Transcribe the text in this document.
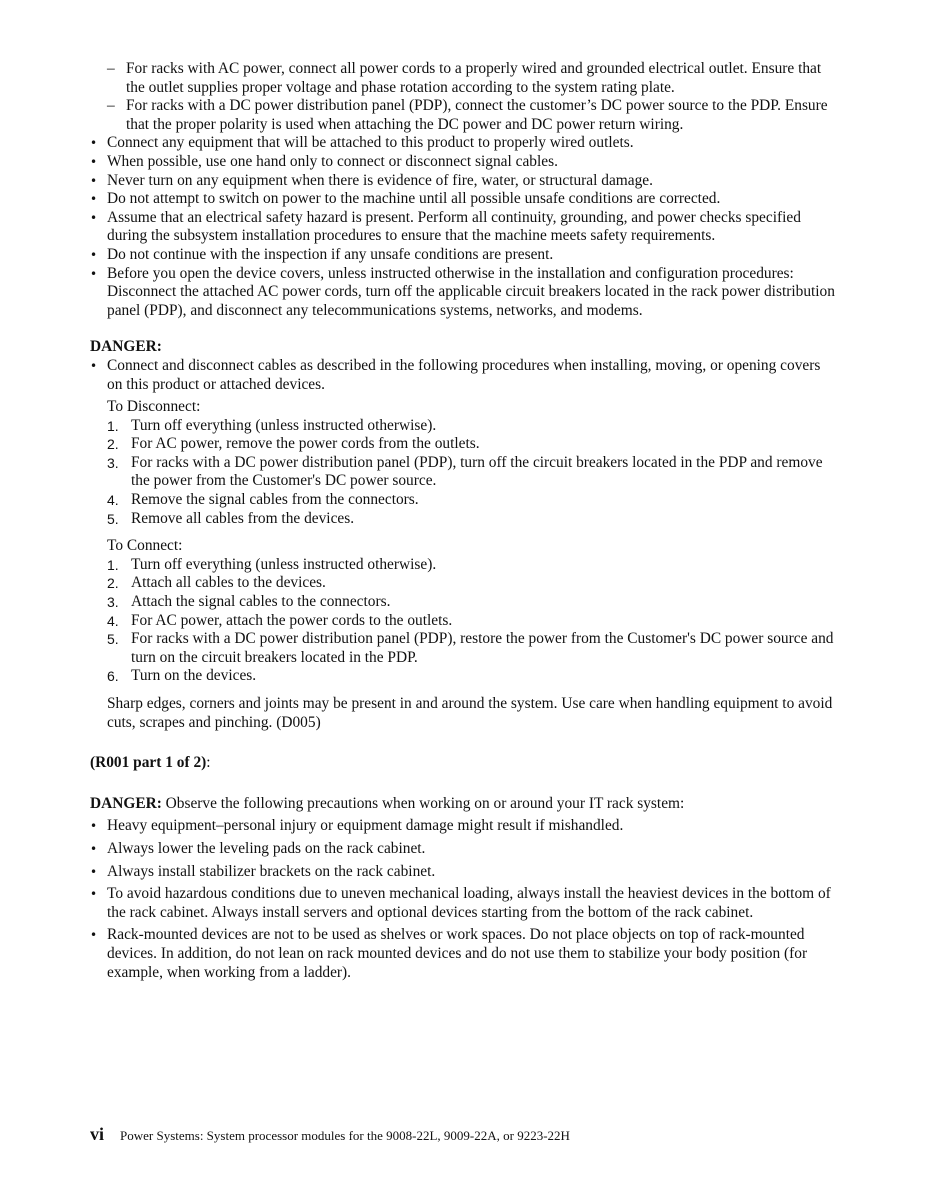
– For racks with AC power, connect all power cords to a properly wired and grounded electrical outlet. Ensure that the outlet supplies proper voltage and phase rotation according to the system rating plate.
– For racks with a DC power distribution panel (PDP), connect the customer’s DC power source to the PDP. Ensure that the proper polarity is used when attaching the DC power and DC power return wiring.
• Connect any equipment that will be attached to this product to properly wired outlets.
• When possible, use one hand only to connect or disconnect signal cables.
• Never turn on any equipment when there is evidence of fire, water, or structural damage.
• Do not attempt to switch on power to the machine until all possible unsafe conditions are corrected.
• Assume that an electrical safety hazard is present. Perform all continuity, grounding, and power checks specified during the subsystem installation procedures to ensure that the machine meets safety requirements.
• Do not continue with the inspection if any unsafe conditions are present.
• Before you open the device covers, unless instructed otherwise in the installation and configuration procedures: Disconnect the attached AC power cords, turn off the applicable circuit breakers located in the rack power distribution panel (PDP), and disconnect any telecommunications systems, networks, and modems.
DANGER:
• Connect and disconnect cables as described in the following procedures when installing, moving, or opening covers on this product or attached devices.
To Disconnect:
1. Turn off everything (unless instructed otherwise).
2. For AC power, remove the power cords from the outlets.
3. For racks with a DC power distribution panel (PDP), turn off the circuit breakers located in the PDP and remove the power from the Customer's DC power source.
4. Remove the signal cables from the connectors.
5. Remove all cables from the devices.
To Connect:
1. Turn off everything (unless instructed otherwise).
2. Attach all cables to the devices.
3. Attach the signal cables to the connectors.
4. For AC power, attach the power cords to the outlets.
5. For racks with a DC power distribution panel (PDP), restore the power from the Customer's DC power source and turn on the circuit breakers located in the PDP.
6. Turn on the devices.
Sharp edges, corners and joints may be present in and around the system. Use care when handling equipment to avoid cuts, scrapes and pinching. (D005)
(R001 part 1 of 2):
DANGER: Observe the following precautions when working on or around your IT rack system:
• Heavy equipment–personal injury or equipment damage might result if mishandled.
• Always lower the leveling pads on the rack cabinet.
• Always install stabilizer brackets on the rack cabinet.
• To avoid hazardous conditions due to uneven mechanical loading, always install the heaviest devices in the bottom of the rack cabinet. Always install servers and optional devices starting from the bottom of the rack cabinet.
• Rack-mounted devices are not to be used as shelves or work spaces. Do not place objects on top of rack-mounted devices. In addition, do not lean on rack mounted devices and do not use them to stabilize your body position (for example, when working from a ladder).
vi Power Systems: System processor modules for the 9008-22L, 9009-22A, or 9223-22H
